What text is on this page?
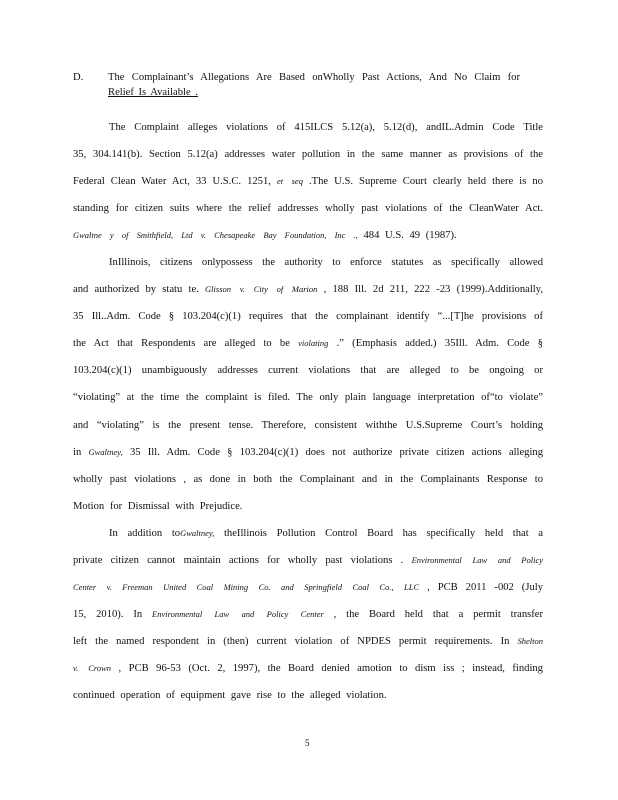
D. The Complainant’s Allegations Are Based onWholly Past Actions, And No Claim for
Relief Is Available .
The Complaint alleges violations of 415ILCS 5.12(a), 5.12(d), andIL.Admin Code Title
35, 304.141(b). Section 5.12(a) addresses water pollution in the same manner as provisions of the
Federal Clean Water Act, 33 U.S.C. 1251, et seq .The U.S. Supreme Court clearly held there is no
standing for citizen suits where the relief addresses wholly past violations of the CleanWater Act.
Gwaltne y of Smithfield, Ltd v. Chesapeake Bay Foundation, Inc ., 484 U.S. 49 (1987).
InIllinois, citizens onlypossess the authority to enforce statutes as specifically allowed
and authorized by statu te. Glisson v. City of Marion , 188 Ill. 2d 211, 222 -23 (1999).Additionally,
35 Ill..Adm. Code § 103.204(c)(1) requires that the complainant identify “...[T]he provisions of
the Act that Respondents are alleged to be violating .” (Emphasis added.) 35Ill. Adm. Code §
103.204(c)(1) unambiguously addresses current violations that are alleged to be ongoing or
“violating” at the time the complaint is filed. The only plain language interpretation of“to violate”
and “violating” is the present tense. Therefore, consistent withthe U.S.Supreme Court’s holding
in Gwaltney, 35 Ill. Adm. Code § 103.204(c)(1) does not authorize private citizen actions alleging
wholly past violations , as done in both the Complainant and in the Complainants Response to
Motion for Dismissal with Prejudice.
In addition toGwaltney, theIllinois Pollution Control Board has specifically held that a
private citizen cannot maintain actions for wholly past violations . Environmental Law and Policy
Center v. Freeman United Coal Mining Co. and Springfield Coal Co., LLC , PCB 2011 -002 (July
15, 2010). In Environmental Law and Policy Center , the Board held that a permit transfer
left the named respondent in (then) current violation of NPDES permit requirements. In Shelton
v. Crown , PCB 96-53 (Oct. 2, 1997), the Board denied amotion to dism iss ; instead, finding
continued operation of equipment gave rise to the alleged violation.
5
